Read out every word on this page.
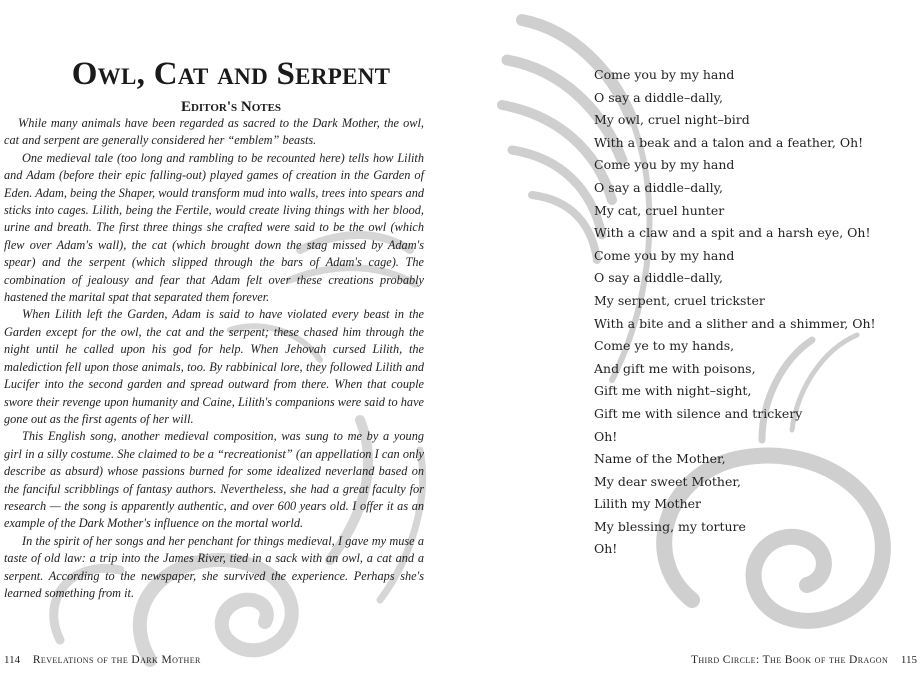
Owl, Cat and Serpent
Editor's Notes

While many animals have been regarded as sacred to the Dark Mother, the owl, cat and serpent are generally considered her “emblem” beasts.

One medieval tale (too long and rambling to be recounted here) tells how Lilith and Adam (before their epic falling-out) played games of creation in the Garden of Eden. Adam, being the Shaper, would transform mud into walls, trees into spears and sticks into cages. Lilith, being the Fertile, would create living things with her blood, urine and breath. The first three things she crafted were said to be the owl (which flew over Adam's wall), the cat (which brought down the stag missed by Adam's spear) and the serpent (which slipped through the bars of Adam's cage). The combination of jealousy and fear that Adam felt over these creations probably hastened the marital spat that separated them forever.

When Lilith left the Garden, Adam is said to have violated every beast in the Garden except for the owl, the cat and the serpent; these chased him through the night until he called upon his god for help. When Jehovah cursed Lilith, the malediction fell upon those animals, too. By rabbinical lore, they followed Lilith and Lucifer into the second garden and spread outward from there. When that couple swore their revenge upon humanity and Caine, Lilith's companions were said to have gone out as the first agents of her will.

This English song, another medieval composition, was sung to me by a young girl in a silly costume. She claimed to be a “recreationist” (an appellation I can only describe as absurd) whose passions burned for some idealized neverland based on the fanciful scribblings of fantasy authors. Nevertheless, she had a great faculty for research — the song is apparently authentic, and over 600 years old. I offer it as an example of the Dark Mother's influence on the mortal world.

In the spirit of her songs and her penchant for things medieval, I gave my muse a taste of old law: a trip into the James River, tied in a sack with an owl, a cat and a serpent. According to the newspaper, she survived the experience. Perhaps she's learned something from it.

114 Revelations of the Dark Mother
Come you by my hand
O say a diddle–dally,
My owl, cruel night–bird
With a beak and a talon and a feather, Oh!
Come you by my hand
O say a diddle–dally,
My cat, cruel hunter
With a claw and a spit and a harsh eye, Oh!
Come you by my hand
O say a diddle–dally,
My serpent, cruel trickster
With a bite and a slither and a shimmer, Oh!
Come ye to my hands,
And gift me with poisons,
Gift me with night–sight,
Gift me with silence and trickery
Oh!
Name of the Mother,
My dear sweet Mother,
Lilith my Mother
My blessing, my torture
Oh!
Third Circle: The Book of the Dragon 115
